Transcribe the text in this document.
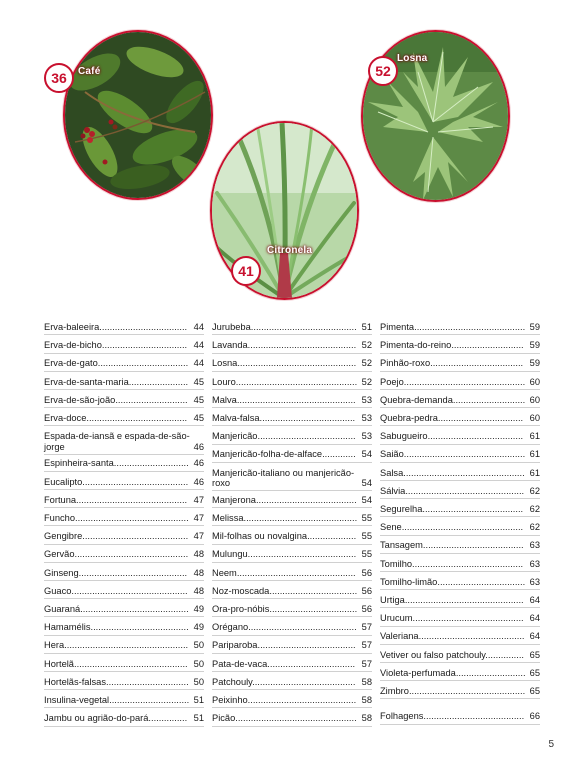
36	Café	52
Losna
41
Citronela
Erva-baleeira.................................. 44
Erva-de-bicho................................. 44
Erva-de-gato................................... 44
Erva-de-santa-maria....................... 45
Erva-de-são-joão............................ 45
Erva-doce....................................... 45
Espada-de-iansã e espada-de-são-jorge	46
Espinheira-santa............................. 46
Eucalipto......................................... 46
Fortuna........................................... 47
Funcho............................................ 47
Gengibre......................................... 47
Gervão............................................ 48
Ginseng.......................................... 48
Guaco............................................. 48
Guaraná.......................................... 49
Hamamélis...................................... 49
Hera................................................ 50
Hortelã............................................ 50
Hortelãs-falsas................................ 50
Insulina-vegetal............................... 51
Jambu ou agrião-do-pará............... 51
Jurubeba......................................... 51
Lavanda.......................................... 52
Losna.............................................. 52
Louro............................................... 52
Malva.............................................. 53
Malva-falsa..................................... 53
Manjericão...................................... 53
Manjericão-folha-de-alface............. 54
Manjericão-italiano ou manjericão-roxo	54
Manjerona....................................... 54
Melissa............................................ 55
Mil-folhas ou novalgina................... 55
Mulungu.......................................... 55
Neem.............................................. 56
Noz-moscada.................................. 56
Ora-pro-nóbis.................................. 56
Orégano.......................................... 57
Pariparoba...................................... 57
Pata-de-vaca.................................. 57
Patchouly........................................ 58
Peixinho.......................................... 58
Picão............................................... 58
Pimenta........................................... 59
Pimenta-do-reino............................ 59
Pinhão-roxo.................................... 59
Poejo............................................... 60
Quebra-demanda............................ 60
Quebra-pedra................................. 60
Sabugueiro..................................... 61
Saião............................................... 61
Salsa............................................... 61
Sálvia.............................................. 62
Segurelha....................................... 62
Sene............................................... 62
Tansagem....................................... 63
Tomilho........................................... 63
Tomilho-limão.................................. 63
Urtiga.............................................. 64
Urucum........................................... 64
Valeriana......................................... 64
Vetiver ou falso patchouly............... 65
Violeta-perfumada........................... 65
Zimbro............................................. 65
Folhagens....................................... 66
5
